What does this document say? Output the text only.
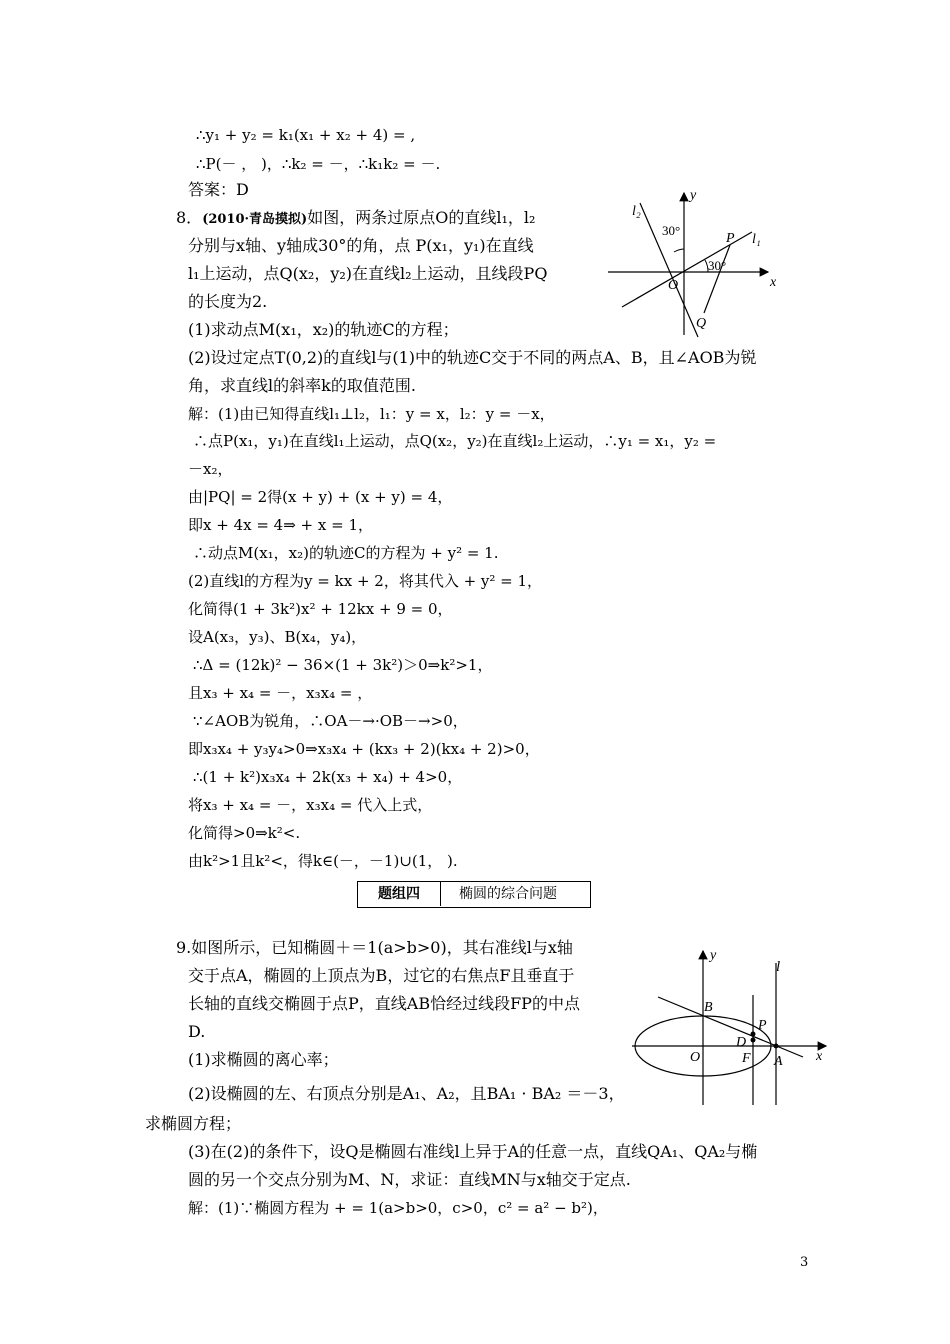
∴y₁ + y₂ = k₁(x₁ + x₂ + 4) = ,
∴P(－ ， )，∴k₂ = －，∴k₁k₂ = －.
答案：D
8．(2010·青岛摸拟)如图，两条过原点O的直线l₁，l₂
分别与x轴、y轴成30°的角，点 P(x₁，y₁)在直线
l₁上运动，点Q(x₂，y₂)在直线l₂上运动，且线段PQ
的长度为2.
(1)求动点M(x₁，x₂)的轨迹C的方程；
(2)设过定点T(0,2)的直线l与(1)中的轨迹C交于不同的两点A、B，且∠AOB为锐
角，求直线l的斜率k的取值范围.
解：(1)由已知得直线l₁⊥l₂，l₁：y = x，l₂：y = －x，
∴点P(x₁，y₁)在直线l₁上运动，点Q(x₂，y₂)在直线l₂上运动，∴y₁ = x₁，y₂ =
－x₂，
由|PQ| = 2得(x + y) + (x + y) = 4，
即x + 4x = 4⇒ + x = 1，
∴动点M(x₁，x₂)的轨迹C的方程为 + y² = 1.
(2)直线l的方程为y = kx + 2，将其代入 + y² = 1，
化简得(1 + 3k²)x² + 12kx + 9 = 0，
设A(x₃，y₃)、B(x₄，y₄)，
∴Δ = (12k)² − 36×(1 + 3k²)＞0⇒k²>1，
且x₃ + x₄ = －，x₃x₄ = ，
∵∠AOB为锐角，∴OA－→·OB－→>0，
即x₃x₄ + y₃y₄>0⇒x₃x₄ + (kx₃ + 2)(kx₄ + 2)>0，
∴(1 + k²)x₃x₄ + 2k(x₃ + x₄) + 4>0，
将x₃ + x₄ = －，x₃x₄ = 代入上式，
化简得>0⇒k²<.
由k²>1且k²<，得k∈(－，－1)∪(1， ).
题组四	椭圆的综合问题
9.如图所示，已知椭圆＋＝1(a>b>0)，其右准线l与x轴
交于点A，椭圆的上顶点为B，过它的右焦点F且垂直于
长轴的直线交椭圆于点P，直线AB恰经过线段FP的中点
D.
(1)求椭圆的离心率；
(2)设椭圆的左、右顶点分别是A₁、A₂，且BA₁ · BA₂ ＝－3，
求椭圆方程；
(3)在(2)的条件下，设Q是椭圆右准线l上异于A的任意一点，直线QA₁、QA₂与椭
圆的另一个交点分别为M、N，求证：直线MN与x轴交于定点.
解：(1)∵椭圆方程为 + = 1(a>b>0，c>0，c² = a² − b²)，
y
x
O
l₁
l₂
P
Q
30°
30°
y
x
O
l
B
P
D
F A
3
